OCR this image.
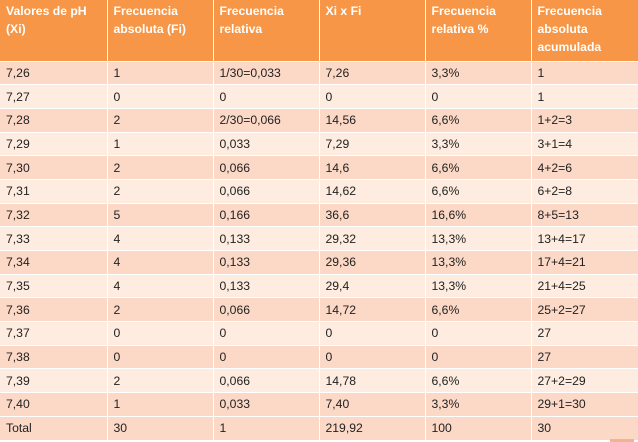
Valores de pH (Xi)	Frecuencia absoluta (Fi)	Frecuencia relativa	Xi x Fi	Frecuencia relativa %	Frecuencia absoluta acumulada
7,26	1	1/30=0,033	7,26	3,3%	1
7,27	0	0	0	0	1
7,28	2	2/30=0,066	14,56	6,6%	1+2=3
7,29	1	0,033	7,29	3,3%	3+1=4
7,30	2	0,066	14,6	6,6%	4+2=6
7,31	2	0,066	14,62	6,6%	6+2=8
7,32	5	0,166	36,6	16,6%	8+5=13
7,33	4	0,133	29,32	13,3%	13+4=17
7,34	4	0,133	29,36	13,3%	17+4=21
7,35	4	0,133	29,4	13,3%	21+4=25
7,36	2	0,066	14,72	6,6%	25+2=27
7,37	0	0	0	0	27
7,38	0	0	0	0	27
7,39	2	0,066	14,78	6,6%	27+2=29
7,40	1	0,033	7,40	3,3%	29+1=30
Total	30	1	219,92	100	30
